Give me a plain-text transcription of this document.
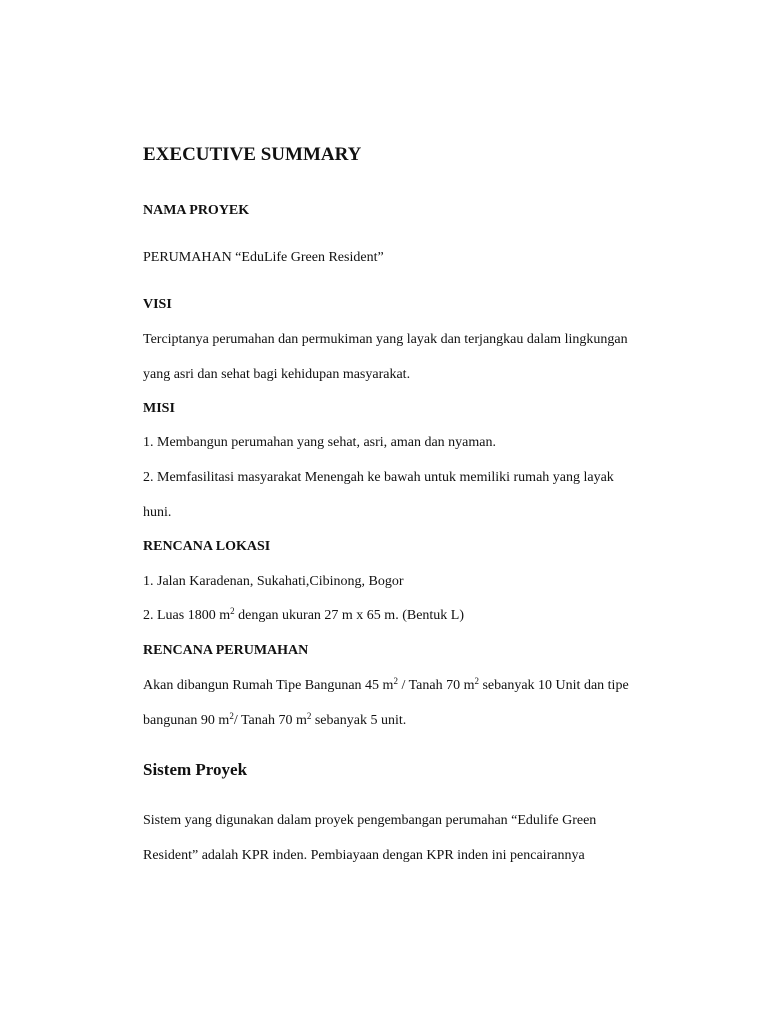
EXECUTIVE SUMMARY
NAMA PROYEK
PERUMAHAN “EduLife Green Resident”
VISI
Terciptanya perumahan dan permukiman yang layak dan terjangkau dalam lingkungan
yang asri dan sehat bagi kehidupan masyarakat.
MISI
1. Membangun perumahan yang sehat, asri, aman dan nyaman.
2. Memfasilitasi masyarakat Menengah ke bawah untuk memiliki rumah yang layak
huni.
RENCANA LOKASI
1. Jalan Karadenan, Sukahati,Cibinong, Bogor
2. Luas 1800 $m^2$ dengan ukuran 27 m x 65 m. (Bentuk L)
RENCANA PERUMAHAN
Akan dibangun Rumah Tipe Bangunan 45 $m^2$ / Tanah 70 $m^2$ sebanyak 10 Unit dan tipe
bangunan 90 $m^2/$ Tanah 70 $m^2$ sebanyak 5 unit.
Sistem Proyek
Sistem yang digunakan dalam proyek pengembangan perumahan “Edulife Green
Resident” adalah KPR inden. Pembiayaan dengan KPR inden ini pencairannya
